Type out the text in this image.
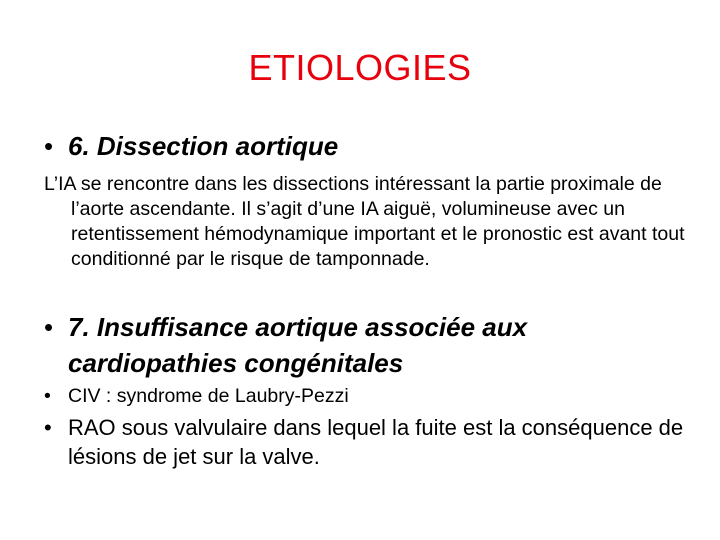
ETIOLOGIES
• 6. Dissection aortique
L’IA se rencontre dans les dissections intéressant la partie proximale de l’aorte ascendante. Il s’agit d’une IA aiguë, volumineuse avec un retentissement hémodynamique important et le pronostic est avant tout conditionné par le risque de tamponnade.
• 7. Insuffisance aortique associée aux cardiopathies congénitales
• CIV : syndrome de Laubry-Pezzi
• RAO sous valvulaire dans lequel la fuite est la conséquence de lésions de jet sur la valve.
